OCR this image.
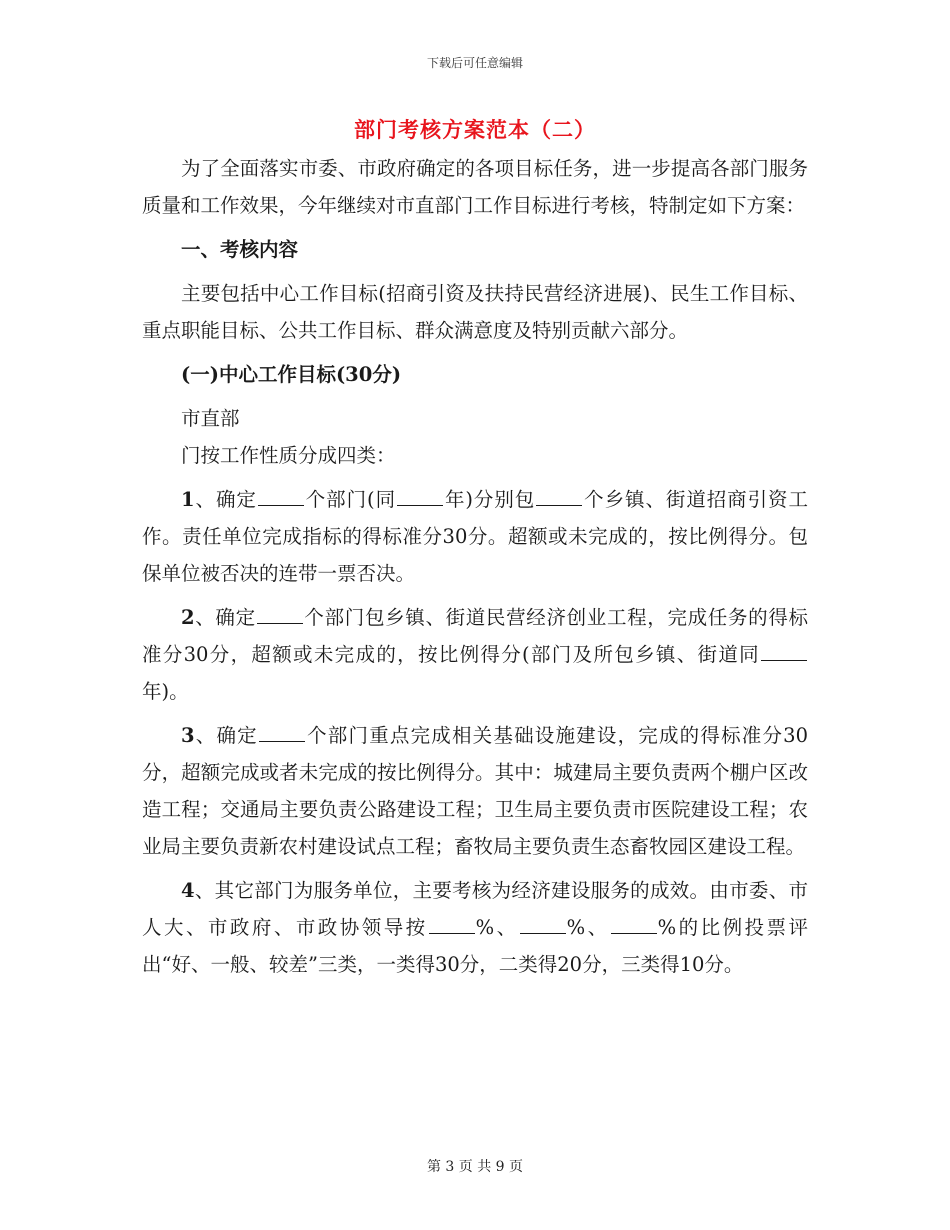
下载后可任意编辑
部门考核方案范本（二）

为了全面落实市委、市政府确定的各项目标任务，进一步提高各部门服务质量和工作效果，今年继续对市直部门工作目标进行考核，特制定如下方案：

一、考核内容

主要包括中心工作目标(招商引资及扶持民营经济进展)、民生工作目标、重点职能目标、公共工作目标、群众满意度及特别贡献六部分。

(一)中心工作目标(30分)

市直部

门按工作性质分成四类：

1、确定 个部门(同 年)分别包 个乡镇、街道招商引资工作。责任单位完成指标的得标准分30分。超额或未完成的，按比例得分。包保单位被否决的连带一票否决。

2、确定 个部门包乡镇、街道民营经济创业工程，完成任务的得标准分30分，超额或未完成的，按比例得分(部门及所包乡镇、街道同年)。

3、确定 个部门重点完成相关基础设施建设，完成的得标准分30分，超额完成或者未完成的按比例得分。其中：城建局主要负责两个棚户区改造工程；交通局主要负责公路建设工程；卫生局主要负责市医院建设工程；农业局主要负责新农村建设试点工程；畜牧局主要负责生态畜牧园区建设工程。

4、其它部门为服务单位，主要考核为经济建设服务的成效。由市委、市人大、市政府、市政协领导按 %、 %、 %的比例投票评出“好、一般、较差”三类，一类得30分，二类得20分，三类得10分。

第 3 页 共 9 页
